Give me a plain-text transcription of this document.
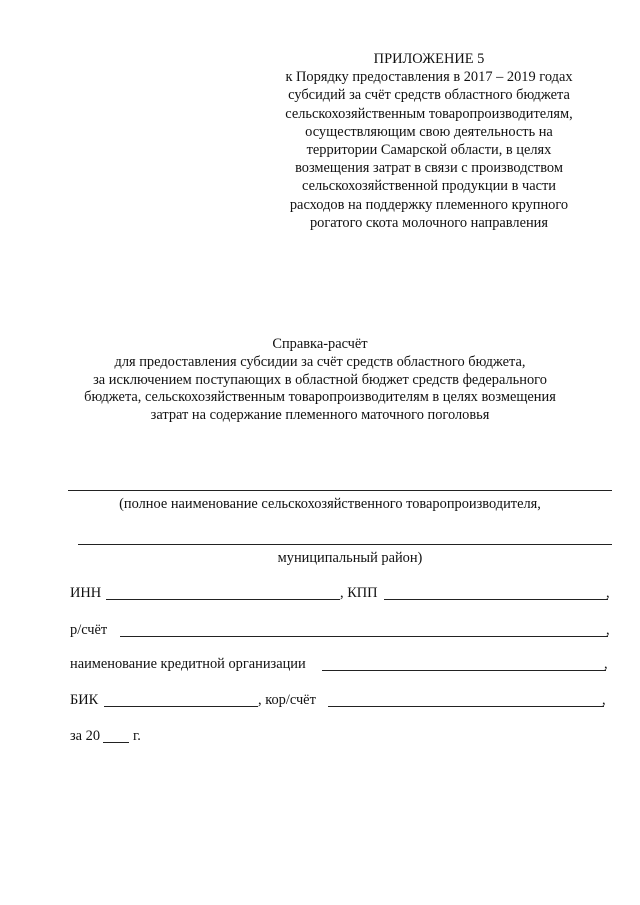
ПРИЛОЖЕНИЕ 5
к Порядку предоставления в 2017 – 2019 годах
субсидий за счёт средств областного бюджета
сельскохозяйственным товаропроизводителям,
осуществляющим свою деятельность на
территории Самарской области, в целях
возмещения затрат в связи с производством
сельскохозяйственной продукции в части
расходов на поддержку племенного крупного
рогатого скота молочного направления
Справка-расчёт
для предоставления субсидии за счёт средств областного бюджета,
за исключением поступающих в областной бюджет средств федерального
бюджета, сельскохозяйственным товаропроизводителям в целях возмещения
затрат на содержание племенного маточного поголовья
(полное наименование сельскохозяйственного товаропроизводителя,
муниципальный район)
ИНН	, КПП	,
р/счёт	,
наименование кредитной организации	,
БИК	, кор/счёт	,
за 20 г.
